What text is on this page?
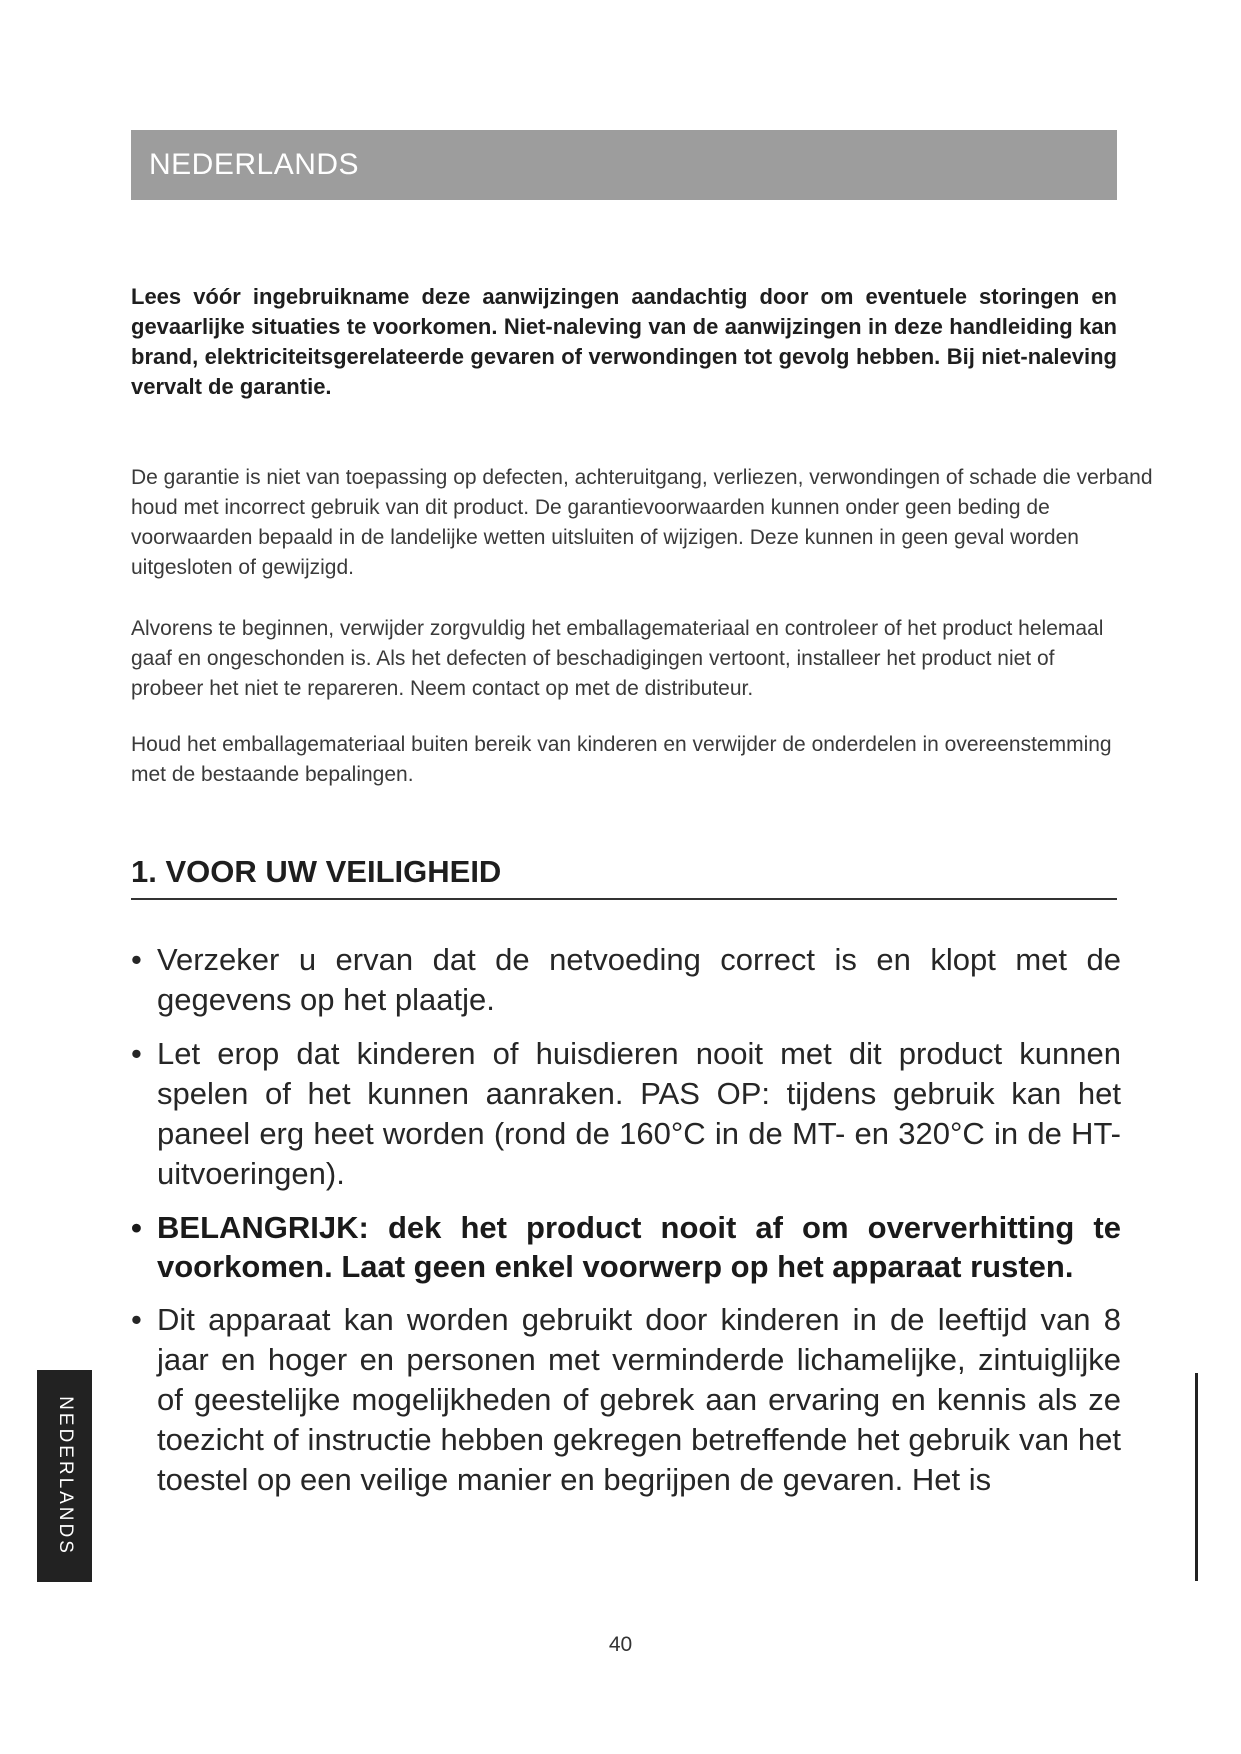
NEDERLANDS

Lees vóór ingebruikname deze aanwijzingen aandachtig door om eventuele storingen en gevaarlijke situaties te voorkomen. Niet-naleving van de aanwijzingen in deze handleiding kan brand, elektriciteitsgerelateerde gevaren of verwondingen tot gevolg hebben. Bij niet-naleving vervalt de garantie.

De garantie is niet van toepassing op defecten, achteruitgang, verliezen, verwondingen of schade die verband houd met incorrect gebruik van dit product. De garantievoorwaarden kunnen onder geen beding de voorwaarden bepaald in de landelijke wetten uitsluiten of wijzigen. Deze kunnen in geen geval worden uitgesloten of gewijzigd.

Alvorens te beginnen, verwijder zorgvuldig het emballagemateriaal en controleer of het product helemaal gaaf en ongeschonden is. Als het defecten of beschadigingen vertoont, installeer het product niet of probeer het niet te repareren. Neem contact op met de distributeur.

Houd het emballagemateriaal buiten bereik van kinderen en verwijder de onderdelen in overeenstemming met de bestaande bepalingen.

1. VOOR UW VEILIGHEID
• Verzeker u ervan dat de netvoeding correct is en klopt met de gegevens op het plaatje.
• Let erop dat kinderen of huisdieren nooit met dit product kunnen spelen of het kunnen aanraken. PAS OP: tijdens gebruik kan het paneel erg heet worden (rond de 160°C in de MT- en 320°C in de HT-uitvoeringen).
• BELANGRIJK: dek het product nooit af om oververhitting te voorkomen. Laat geen enkel voorwerp op het apparaat rusten.
• Dit apparaat kan worden gebruikt door kinderen in de leeftijd van 8 jaar en hoger en personen met verminderde lichamelijke, zintuiglijke of geestelijke mogelijkheden of gebrek aan ervaring en kennis als ze toezicht of instructie hebben gekregen betreffende het gebruik van het toestel op een veilige manier en begrijpen de gevaren. Het is
NEDERLANDS
40
